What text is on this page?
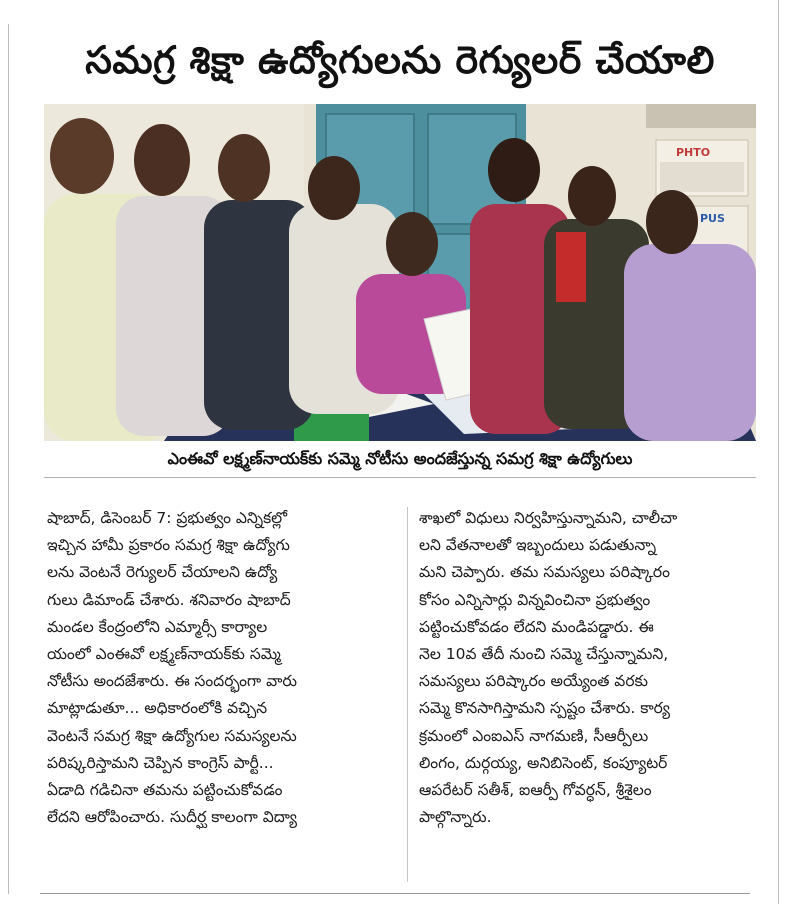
సమగ్ర శిక్షా ఉద్యోగులను రెగ్యులర్ చేయాలి
PHTO
PUS
ఎంఈవో లక్ష్మణ్‌నాయక్‌కు సమ్మె నోటీసు అందజేస్తున్న సమగ్ర శిక్షా ఉద్యోగులు
షాబాద్, డిసెంబర్ 7: ప్రభుత్వం ఎన్నికల్లో
ఇచ్చిన హామీ ప్రకారం సమగ్ర శిక్షా ఉద్యోగు
లను వెంటనే రెగ్యులర్ చేయాలని ఉద్యో
గులు డిమాండ్ చేశారు. శనివారం షాబాద్
మండల కేంద్రంలోని ఎమ్మార్సీ కార్యాల
యంలో ఎంఈవో లక్ష్మణ్‌నాయక్‌కు సమ్మె
నోటీసు అందజేశారు. ఈ సందర్భంగా వారు
మాట్లాడుతూ... అధికారంలోకి వచ్చిన
వెంటనే సమగ్ర శిక్షా ఉద్యోగుల సమస్యలను
పరిష్కరిస్తామని చెప్పిన కాంగ్రెస్ పార్టీ...
ఏడాది గడిచినా తమను పట్టించుకోవడం
లేదని ఆరోపించారు. సుదీర్ఘ కాలంగా విద్యా
శాఖలో విధులు నిర్వహిస్తున్నామని, చాలీచా
లని వేతనాలతో ఇబ్బందులు పడుతున్నా
మని చెప్పారు. తమ సమస్యలు పరిష్కారం
కోసం ఎన్నిసార్లు విన్నవించినా ప్రభుత్వం
పట్టించుకోవడం లేదని మండిపడ్డారు. ఈ
నెల 10వ తేదీ నుంచి సమ్మె చేస్తున్నామని,
సమస్యలు పరిష్కారం అయ్యేంత వరకు
సమ్మె కొనసాగిస్తామని స్పష్టం చేశారు. కార్య
క్రమంలో ఎంఐఎస్ నాగమణి, సీఆర్పీలు
లింగం, దుర్గయ్య, అనిబిసెంట్, కంప్యూటర్
ఆపరేటర్ సతీశ్, ఐఆర్పీ గోవర్ధన్, శ్రీశైలం
పాల్గొన్నారు.
